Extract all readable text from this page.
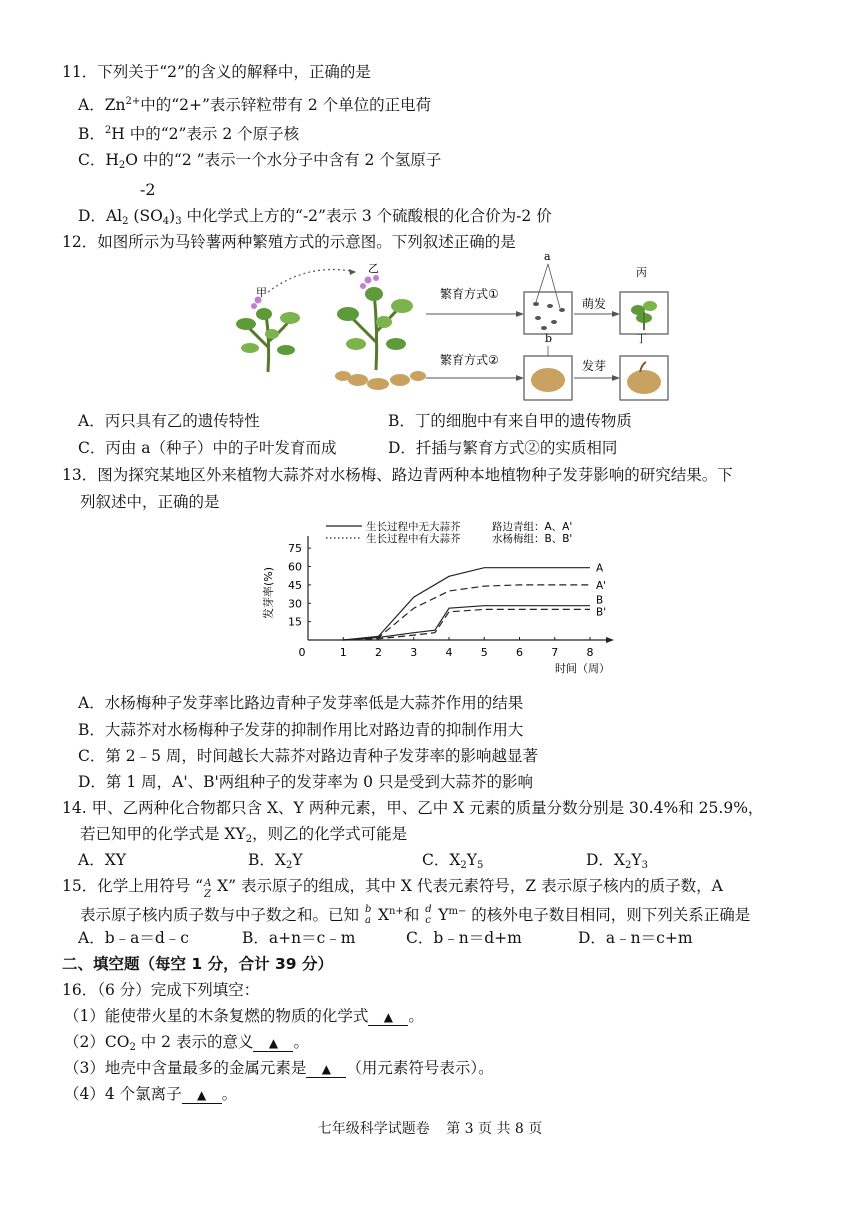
11．下列关于“2”的含义的解释中，正确的是
A．$Zn^{2+}$中的“2+”表示锌粒带有 2 个单位的正电荷
B．$^2$H 中的“2”表示 2 个原子核
C．$H_2O$ 中的“2 ”表示一个水分子中含有 2 个氢原子
-2
D．$Al_2$ $(SO_4)_3$ 中化学式上方的“-2”表示 3 个硫酸根的化合价为-2 价
12．如图所示为马铃薯两种繁殖方式的示意图。下列叙述正确的是
甲
乙
繁育方式①
a
萌发
丙
繁育方式②
b
发芽
丁
A．丙只具有乙的遗传特性	B．丁的细胞中有来自甲的遗传物质
C．丙由 a（种子）中的子叶发育而成	D．扦插与繁育方式②的实质相同
13．图为探究某地区外来植物大蒜芥对水杨梅、路边青两种本地植物种子发芽影响的研究结果。下
列叙述中，正确的是
生长过程中无大蒜芥	路边青组：A、A'
生长过程中有大蒜芥	水杨梅组：B、B'
0	1	2	3	4	5	6	7	8
15
30
45
60
75
发芽率(%)
时间（周）
A
A'
B
B'
A．水杨梅种子发芽率比路边青种子发芽率低是大蒜芥作用的结果
B．大蒜芥对水杨梅种子发芽的抑制作用比对路边青的抑制作用大
C．第 2﹣5 周，时间越长大蒜芥对路边青种子发芽率的影响越显著
D．第 1 周，A'、B'两组种子的发芽率为 0 只是受到大蒜芥的影响
14. 甲、乙两种化合物都只含 X、Y 两种元素，甲、乙中 X 元素的质量分数分别是 30.4%和 25.9%，
若已知甲的化学式是 $XY_2$，则乙的化学式可能是
A．XY	B．$X_2Y$	C．$X_2Y_5$	D．$X_2Y_3$
15．化学上用符号 “ A
Z X” 表示原子的组成，其中 X 代表元素符号，Z 表示原子核内的质子数，A
表示原子核内质子数与中子数之和。已知 b
a $X^{n+}$和 d
c $Y^{m-}$ 的核外电子数目相同，则下列关系正确是
A．b﹣a＝d﹣c	B．a+n＝c﹣m	C．b﹣n＝d+m	D．a﹣n＝c+m
二、填空题（每空 1 分，合计 39 分）
16．（6 分）完成下列填空：
（1）能使带火星的木条复燃的物质的化学式 ▲ 。
$(2)CO_2$ 中 2 表示的意义 ▲ 。
（3）地壳中含量最多的金属元素是 ▲ （用元素符号表示）。
（4）4 个氯离子 ▲ 。
七年级科学试题卷 第 3 页 共 8 页
